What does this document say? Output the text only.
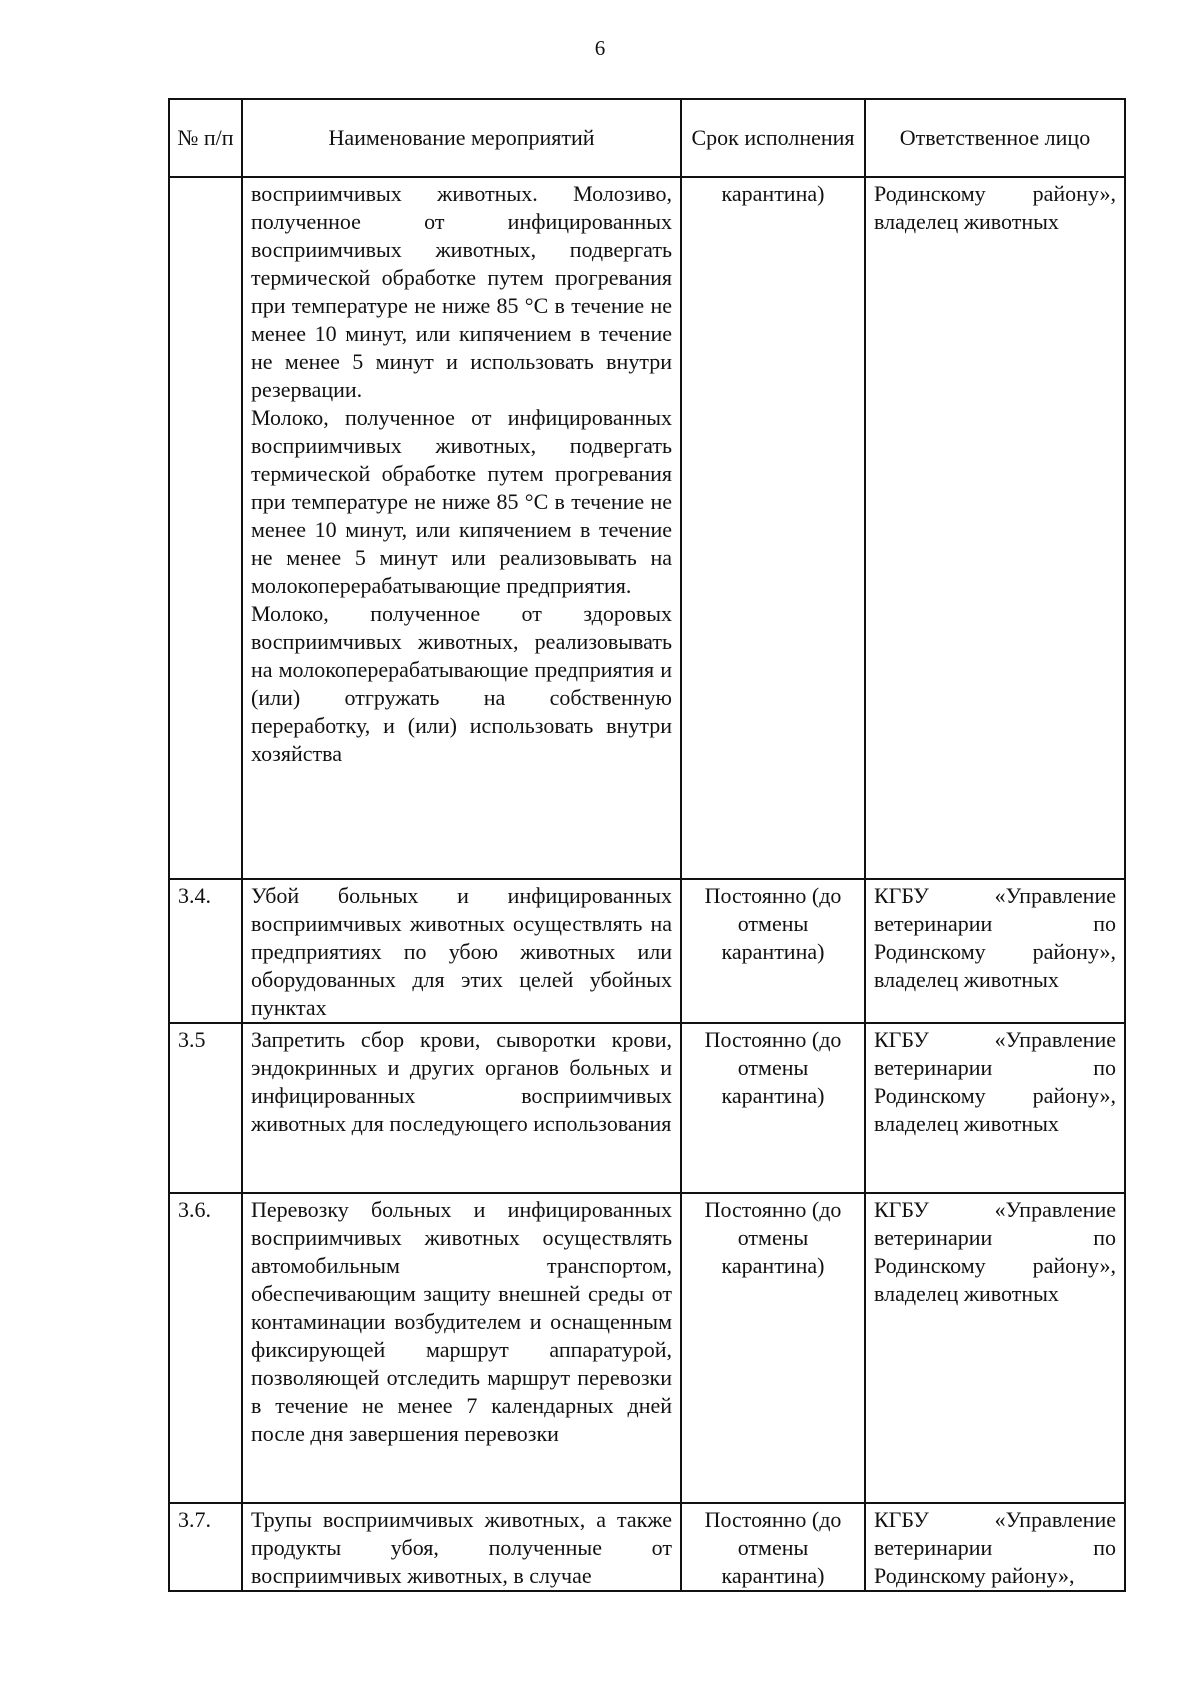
6
№ п/п	Наименование мероприятий	Срок исполнения	Ответственное лицо

	восприимчивых животных. Молозиво, полученное от инфицированных восприимчивых животных, подвергать термической обработке путем прогревания при температуре не ниже 85 °С в течение не менее 10 минут, или кипячением в течение не менее 5 минут и использовать внутри резервации.

Молоко, полученное от инфицированных восприимчивых животных, подвергать термической обработке путем прогревания при температуре не ниже 85 °С в течение не менее 10 минут, или кипячением в течение не менее 5 минут или реализовывать на молокоперерабатывающие предприятия.

Молоко, полученное от здоровых восприимчивых животных, реализовывать на молокоперерабатывающие предприятия и (или) отгружать на собственную переработку, и (или) использовать внутри хозяйства	карантина)	Родинскому району», владелец животных

3.4.	Убой больных и инфицированных восприимчивых животных осуществлять на предприятиях по убою животных или оборудованных для этих целей убойных пунктах	Постоянно (до отмены карантина)	КГБУ «Управление ветеринарии по Родинскому району», владелец животных

3.5	Запретить сбор крови, сыворотки крови, эндокринных и других органов больных и инфицированных восприимчивых животных для последующего использования	Постоянно (до отмены карантина)	КГБУ «Управление ветеринарии по Родинскому району», владелец животных

3.6.	Перевозку больных и инфицированных восприимчивых животных осуществлять автомобильным транспортом, обеспечивающим защиту внешней среды от контаминации возбудителем и оснащенным фиксирующей маршрут аппаратурой, позволяющей отследить маршрут перевозки в течение не менее 7 календарных дней после дня завершения перевозки	Постоянно (до отмены карантина)	КГБУ «Управление ветеринарии по Родинскому району», владелец животных

3.7.	Трупы восприимчивых животных, а также продукты убоя, полученные от восприимчивых животных, в случае	Постоянно (до отмены карантина)	КГБУ «Управление ветеринарии по Родинскому району»,
